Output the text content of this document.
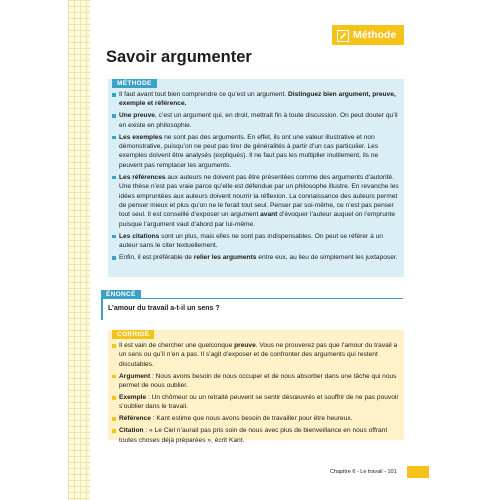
Méthode
Savoir argumenter
MÉTHODE
Il faut avant tout bien comprendre ce qu’est un argument. Distinguez bien argument, preuve, exemple et référence.
Une preuve, c’est un argument qui, en droit, mettrait fin à toute discussion. On peut douter qu’il en existe en philosophie.
Les exemples ne sont pas des arguments. En effet, ils ont une valeur illustrative et non démonstrative, puisqu’on ne peut pas tirer de généralités à partir d’un cas particulier. Les exemples doivent être analysés (expliqués). Il ne faut pas les multiplier inutilement, ils ne peuvent pas remplacer les arguments.
Les références aux auteurs ne doivent pas être présentées comme des arguments d’autorité. Une thèse n’est pas vraie parce qu’elle est défendue par un philosophe illustre. En revanche les idées empruntées aux auteurs doivent nourrir la réflexion. La connaissance des auteurs permet de penser mieux et plus qu’on ne le ferait tout seul. Penser par soi-même, ce n’est pas penser tout seul. Il est conseillé d’exposer un argument avant d’évoquer l’auteur auquel on l’emprunte puisque l’argument vaut d’abord par lui-même.
Les citations sont un plus, mais elles ne sont pas indispensables. On peut se référer à un auteur sans le citer textuellement.
Enfin, il est préférable de relier les arguments entre eux, au lieu de simplement les juxtaposer.
ÉNONCÉ
L’amour du travail a-t-il un sens ?
CORRIGÉ
Il est vain de chercher une quelconque preuve. Vous ne prouverez pas que l’amour du travail a un sens ou qu’il n’en a pas. Il s’agit d’exposer et de confronter des arguments qui restent discutables.
Argument : Nous avons besoin de nous occuper et de nous absorber dans une tâche qui nous permet de nous oublier.
Exemple : Un chômeur ou un retraité peuvent se sentir désœuvrés et souffrir de ne pas pouvoir s’oublier dans le travail.
Référence : Kant estime que nous avons besoin de travailler pour être heureux.
Citation : « Le Ciel n’aurait pas pris soin de nous avec plus de bienveillance en nous offrant toutes choses déjà préparées », écrit Kant.
Chapitre 6 - Le travail - 101
